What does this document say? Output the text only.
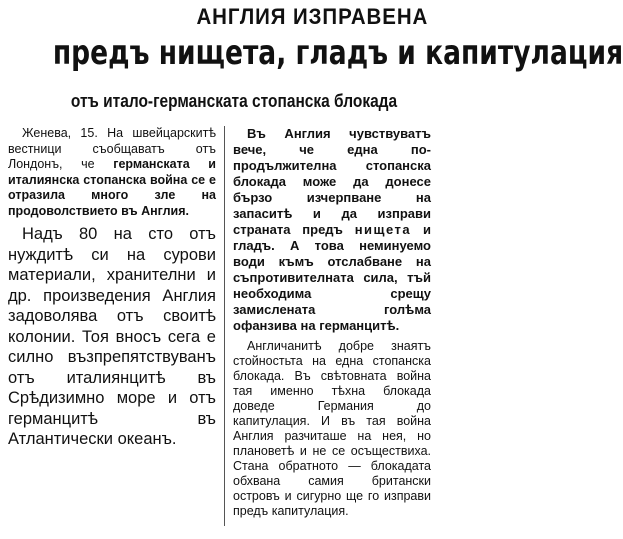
АНГЛИЯ ИЗПРАВЕНА
предъ нищета, гладъ и капитулация
отъ итало-германската стопанска блокада

Женева, 15. На швейцарскитѣ вестници съобщаватъ отъ Лондонъ, че германската и италиянска стопанска война се е отразила много зле на продоволствието въ Англия.

Надъ 80 на сто отъ нуждитѣ си на сурови материали, хранителни и др. произведения Англия задоволява отъ своитѣ колонии. Тоя вносъ сега е силно възпрепятствуванъ отъ италиянцитѣ въ Срѣдизимно море и отъ германцитѣ въ Атлантически океанъ.

Въ Англия чувствуватъ вече, че една по-продължителна стопанска блокада може да донесе бързо изчерпване на запаситѣ и да изправи страната предъ нищета и гладъ. А това неминуемо води къмъ отслабване на съпротивителната сила, тъй необходима срещу замислената голѣма офанзива на германцитѣ.

Англичанитѣ добре знаятъ стойностьта на една стопанска блокада. Въ свѣтовната война тая именно тѣхна блокада доведе Германия до капитулация. И въ тая война Англия разчиташе на нея, но плановетѣ и не се осъществиха. Стана обратното — блокадата обхвана самия британски островъ и сигурно ще го изправи предъ капитулация.
